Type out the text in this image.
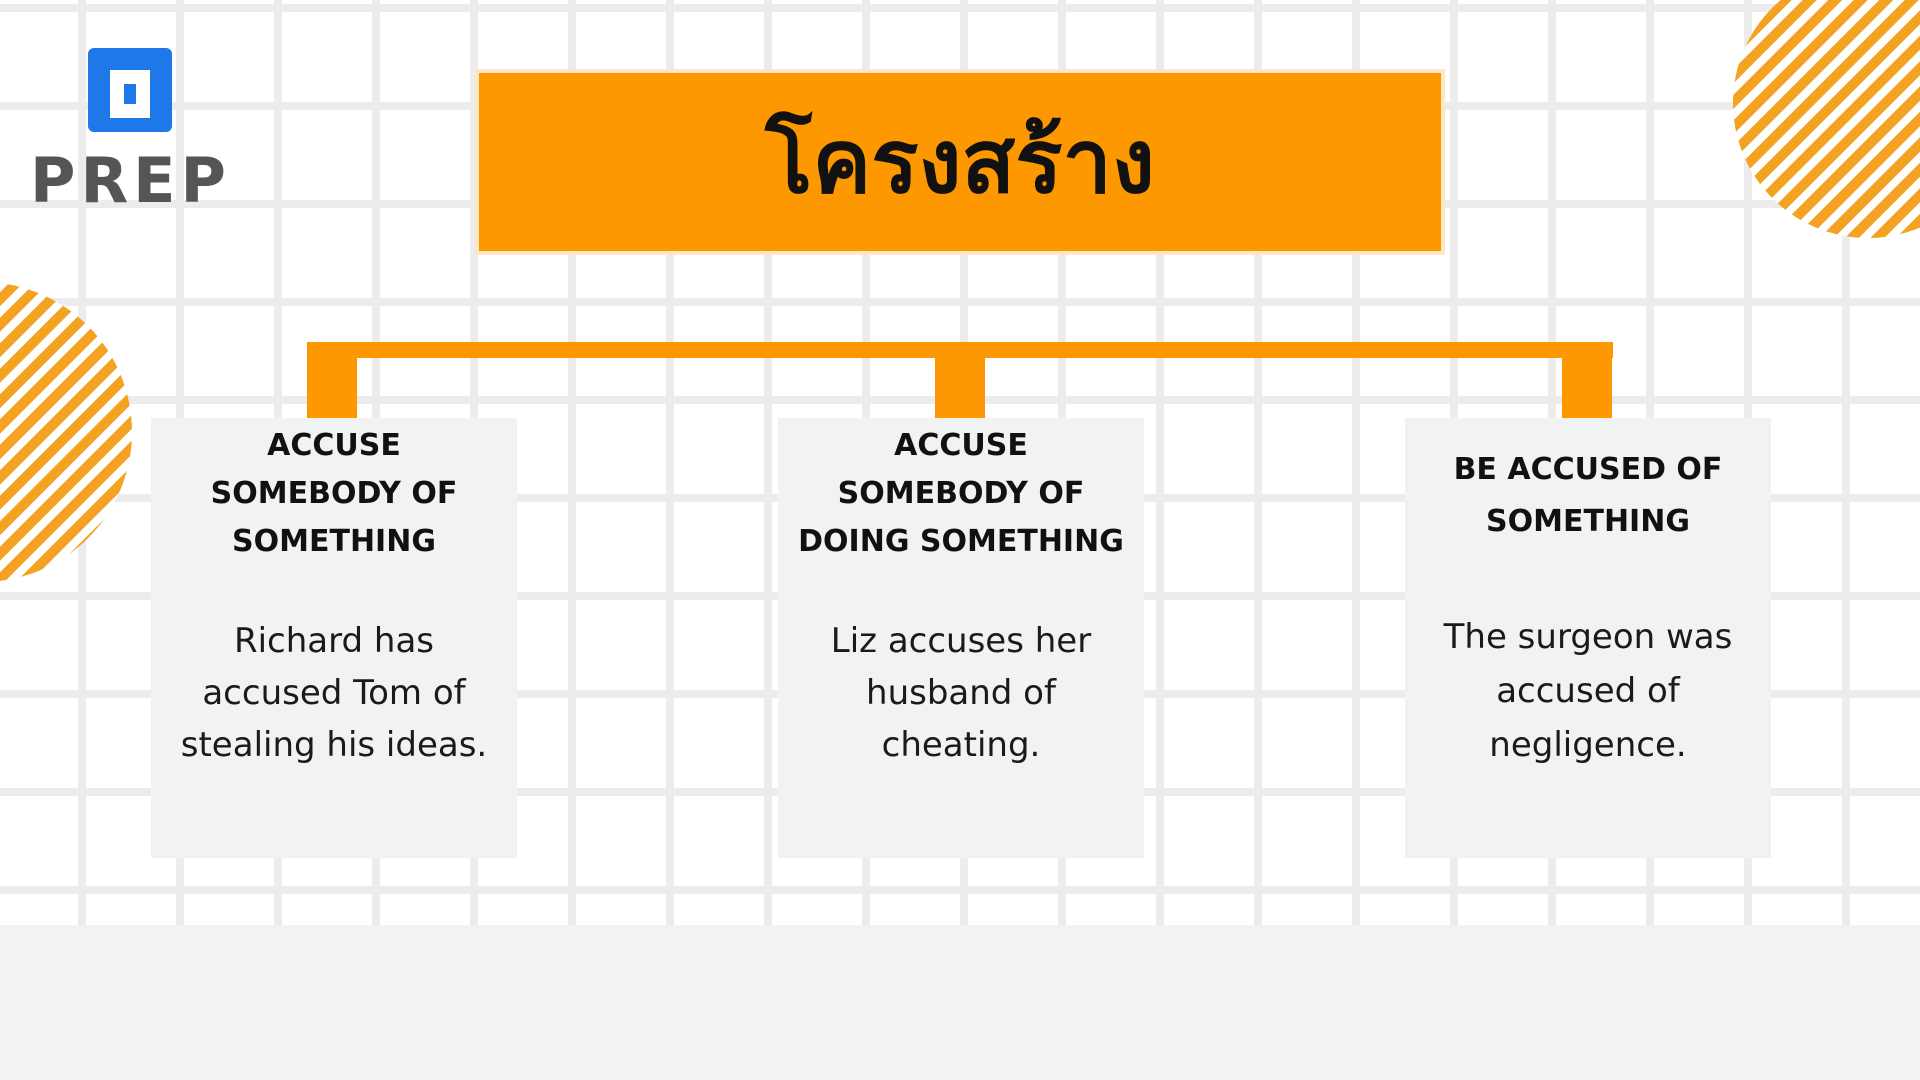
PREP	โครงสร้าง
ACCUSE
SOMEBODY OF
SOMETHING
Richard has
accused Tom of
stealing his ideas.
ACCUSE
SOMEBODY OF
DOING SOMETHING
Liz accuses her
husband of
cheating.
BE ACCUSED OF
SOMETHING
The surgeon was
accused of
negligence.
